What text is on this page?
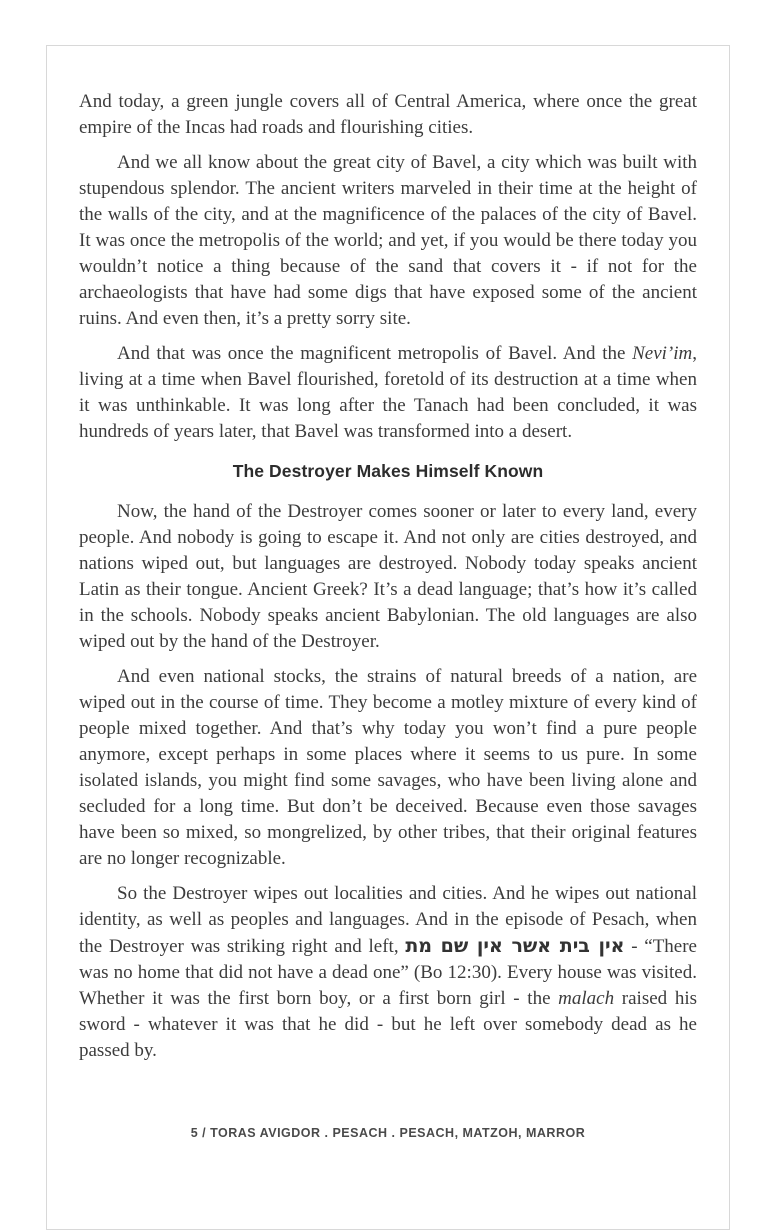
And today, a green jungle covers all of Central America, where once the great empire of the Incas had roads and flourishing cities.

And we all know about the great city of Bavel, a city which was built with stupendous splendor. The ancient writers marveled in their time at the height of the walls of the city, and at the magnificence of the palaces of the city of Bavel. It was once the metropolis of the world; and yet, if you would be there today you wouldn’t notice a thing because of the sand that covers it - if not for the archaeologists that have had some digs that have exposed some of the ancient ruins. And even then, it’s a pretty sorry site.

And that was once the magnificent metropolis of Bavel. And the Nevi’im, living at a time when Bavel flourished, foretold of its destruction at a time when it was unthinkable. It was long after the Tanach had been concluded, it was hundreds of years later, that Bavel was transformed into a desert.

The Destroyer Makes Himself Known

Now, the hand of the Destroyer comes sooner or later to every land, every people. And nobody is going to escape it. And not only are cities destroyed, and nations wiped out, but languages are destroyed. Nobody today speaks ancient Latin as their tongue. Ancient Greek? It’s a dead language; that’s how it’s called in the schools. Nobody speaks ancient Babylonian. The old languages are also wiped out by the hand of the Destroyer.

And even national stocks, the strains of natural breeds of a nation, are wiped out in the course of time. They become a motley mixture of every kind of people mixed together. And that’s why today you won’t find a pure people anymore, except perhaps in some places where it seems to us pure. In some isolated islands, you might find some savages, who have been living alone and secluded for a long time. But don’t be deceived. Because even those savages have been so mixed, so mongrelized, by other tribes, that their original features are no longer recognizable.

So the Destroyer wipes out localities and cities. And he wipes out national identity, as well as peoples and languages. And in the episode of Pesach, when the Destroyer was striking right and left, אין בית אשר אין שם מת - “There was no home that did not have a dead one” (Bo 12:30). Every house was visited. Whether it was the first born boy, or a first born girl - the malach raised his sword - whatever it was that he did - but he left over somebody dead as he passed by.

5 / TORAS AVIGDOR . PESACH . PESACH, MATZOH, MARROR
